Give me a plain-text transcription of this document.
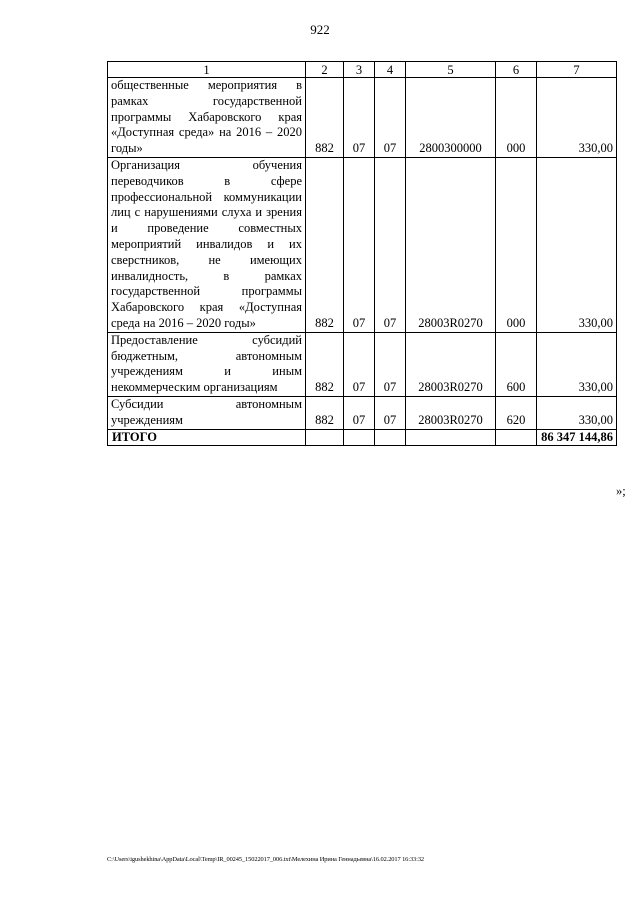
922
1	2	3	4	5	6	7
общественные мероприятия в рамках государственной программы Хабаровского края «Доступная среда» на 2016 – 2020 годы»	882	07	07	2800300000	000	330,00
Организация обучения переводчиков в сфере профессиональной коммуникации лиц с нарушениями слуха и зрения и проведение совместных мероприятий инвалидов и их сверстников, не имеющих инвалидность, в рамках государственной программы Хабаровского края «Доступная среда на 2016 – 2020 годы»	882	07	07	28003R0270	000	330,00
Предоставление субсидий бюджетным, автономным учреждениям и иным некоммерческим организациям	882	07	07	28003R0270	600	330,00
Субсидии автономным учреждениям	882	07	07	28003R0270	620	330,00
ИТОГО						86 347 144,86
»;
C:\Users\igushekhina\AppData\Local\Temp\IR_00245_15022017_006.txt\Мелехина Ирина Геннадьевна\16.02.2017 16:33:32
